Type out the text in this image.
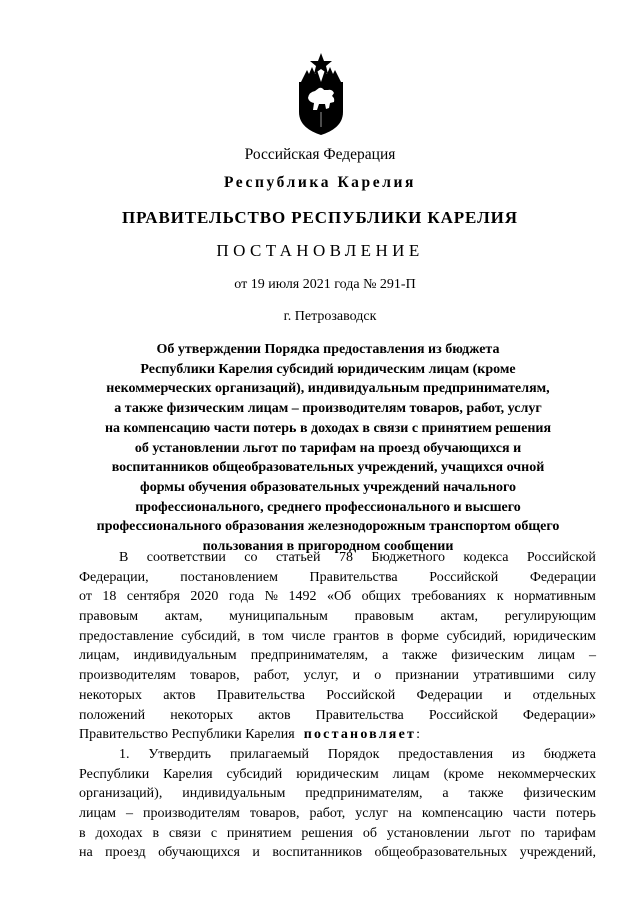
Российская Федерация
Республика Карелия
ПРАВИТЕЛЬСТВО РЕСПУБЛИКИ КАРЕЛИЯ
ПОСТАНОВЛЕНИЕ
от 19 июля 2021 года № 291-П
г. Петрозаводск
Об утверждении Порядка предоставления из бюджета
Республики Карелия субсидий юридическим лицам (кроме
некоммерческих организаций), индивидуальным предпринимателям,
а также физическим лицам – производителям товаров, работ, услуг
на компенсацию части потерь в доходах в связи с принятием решения
об установлении льгот по тарифам на проезд обучающихся и
воспитанников общеобразовательных учреждений, учащихся очной
формы обучения образовательных учреждений начального
профессионального, среднего профессионального и высшего
профессионального образования железнодорожным транспортом общего
пользования в пригородном сообщении
В соответствии со статьей 78 Бюджетного кодекса Российской
Федерации, постановлением Правительства Российской Федерации
от 18 сентября 2020 года № 1492 «Об общих требованиях к нормативным
правовым актам, муниципальным правовым актам, регулирующим
предоставление субсидий, в том числе грантов в форме субсидий, юридическим
лицам, индивидуальным предпринимателям, а также физическим лицам –
производителям товаров, работ, услуг, и о признании утратившими силу
некоторых актов Правительства Российской Федерации и отдельных
положений некоторых актов Правительства Российской Федерации»
Правительство Республики Карелия постановляет :
1. Утвердить прилагаемый Порядок предоставления из бюджета
Республики Карелия субсидий юридическим лицам (кроме некоммерческих
организаций), индивидуальным предпринимателям, а также физическим
лицам – производителям товаров, работ, услуг на компенсацию части потерь
в доходах в связи с принятием решения об установлении льгот по тарифам
на проезд обучающихся и воспитанников общеобразовательных учреждений,
